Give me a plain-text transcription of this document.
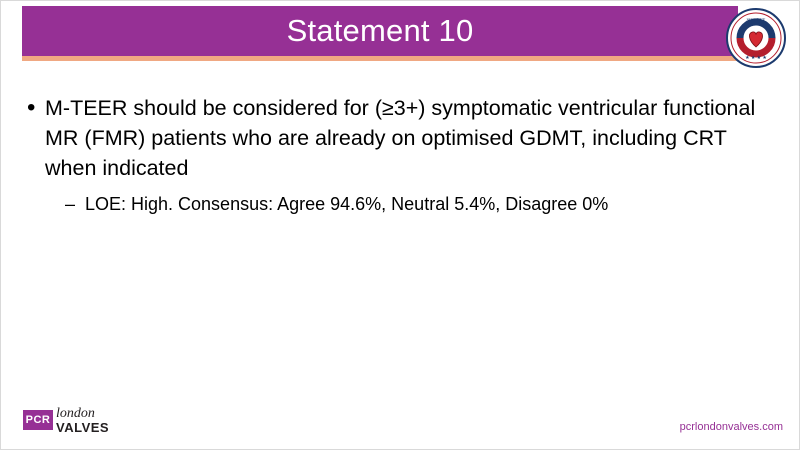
Statement 10
★ ★ ★ ★
SOCIETY
• M-TEER should be considered for (≥3+) symptomatic ventricular functional MR (FMR) patients who are already on optimised GDMT, including CRT when indicated
– LOE: High. Consensus: Agree 94.6%, Neutral 5.4%, Disagree 0%
PCR london
VALVES	pcrlondonvalves.com
